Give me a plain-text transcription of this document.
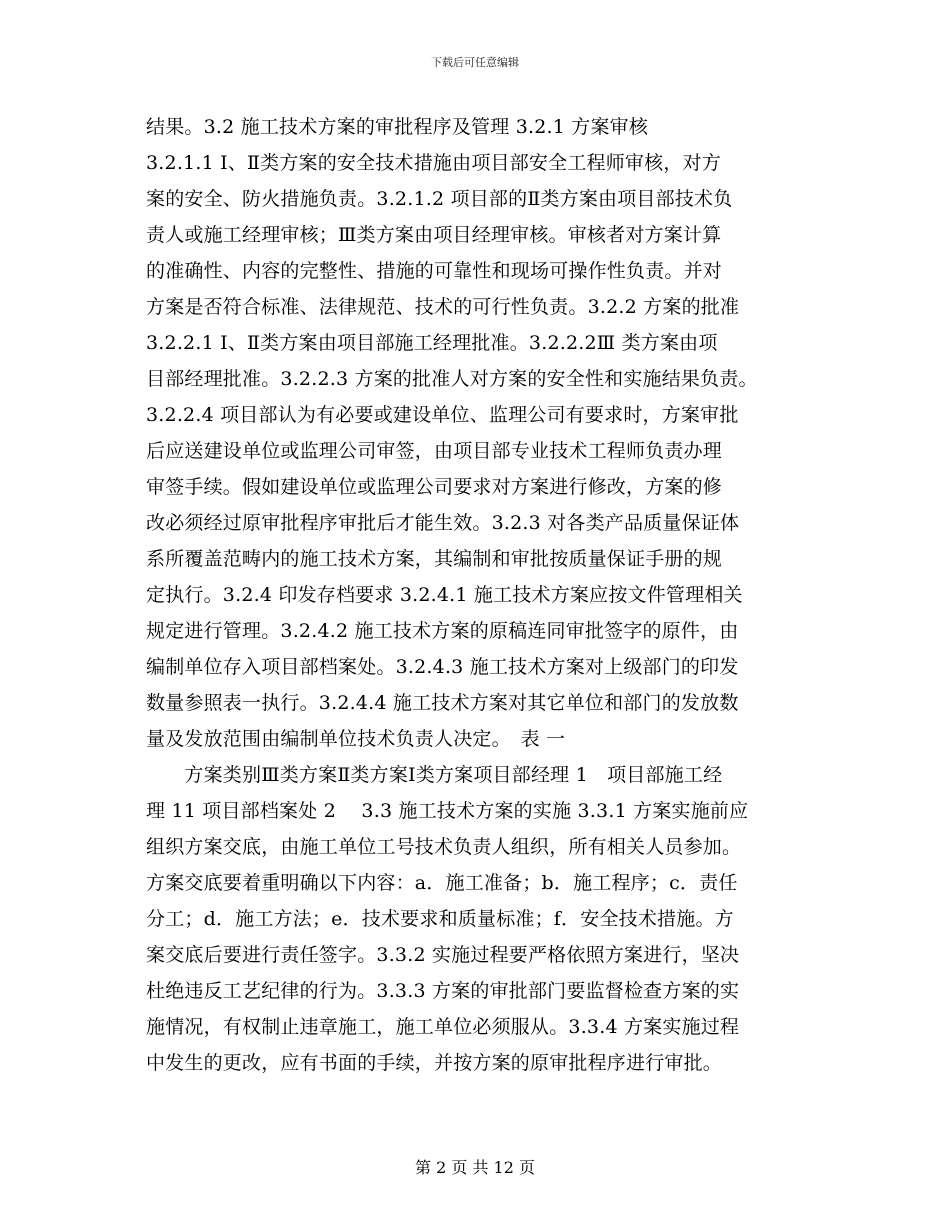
下载后可任意编辑
结果。3.2 施工技术方案的审批程序及管理 3.2.1 方案审核
3.2.1.1 Ⅰ、Ⅱ类方案的安全技术措施由项目部安全工程师审核，对方
案的安全、防火措施负责。3.2.1.2 项目部的Ⅱ类方案由项目部技术负
责人或施工经理审核；Ⅲ类方案由项目经理审核。审核者对方案计算
的准确性、内容的完整性、措施的可靠性和现场可操作性负责。并对
方案是否符合标准、法律规范、技术的可行性负责。3.2.2 方案的批准
3.2.2.1 Ⅰ、Ⅱ类方案由项目部施工经理批准。3.2.2.2Ⅲ 类方案由项
目部经理批准。3.2.2.3 方案的批准人对方案的安全性和实施结果负责。
3.2.2.4 项目部认为有必要或建设单位、监理公司有要求时，方案审批
后应送建设单位或监理公司审签，由项目部专业技术工程师负责办理
审签手续。假如建设单位或监理公司要求对方案进行修改，方案的修
改必须经过原审批程序审批后才能生效。3.2.3 对各类产品质量保证体
系所覆盖范畴内的施工技术方案，其编制和审批按质量保证手册的规
定执行。3.2.4 印发存档要求 3.2.4.1 施工技术方案应按文件管理相关
规定进行管理。3.2.4.2 施工技术方案的原稿连同审批签字的原件，由
编制单位存入项目部档案处。3.2.4.3 施工技术方案对上级部门的印发
数量参照表一执行。3.2.4.4 施工技术方案对其它单位和部门的发放数
量及发放范围由编制单位技术负责人决定。　表 一
　　方案类别Ⅲ类方案Ⅱ类方案Ⅰ类方案项目部经理 1　项目部施工经
理 11 项目部档案处 2　 3.3 施工技术方案的实施 3.3.1 方案实施前应
组织方案交底，由施工单位工号技术负责人组织，所有相关人员参加。
方案交底要着重明确以下内容：a．施工准备；b．施工程序；c．责任
分工；d．施工方法；e．技术要求和质量标准；f．安全技术措施。方
案交底后要进行责任签字。3.3.2 实施过程要严格依照方案进行，坚决
杜绝违反工艺纪律的行为。3.3.3 方案的审批部门要监督检查方案的实
施情况，有权制止违章施工，施工单位必须服从。3.3.4 方案实施过程
中发生的更改，应有书面的手续，并按方案的原审批程序进行审批。
第 2 页 共 12 页
